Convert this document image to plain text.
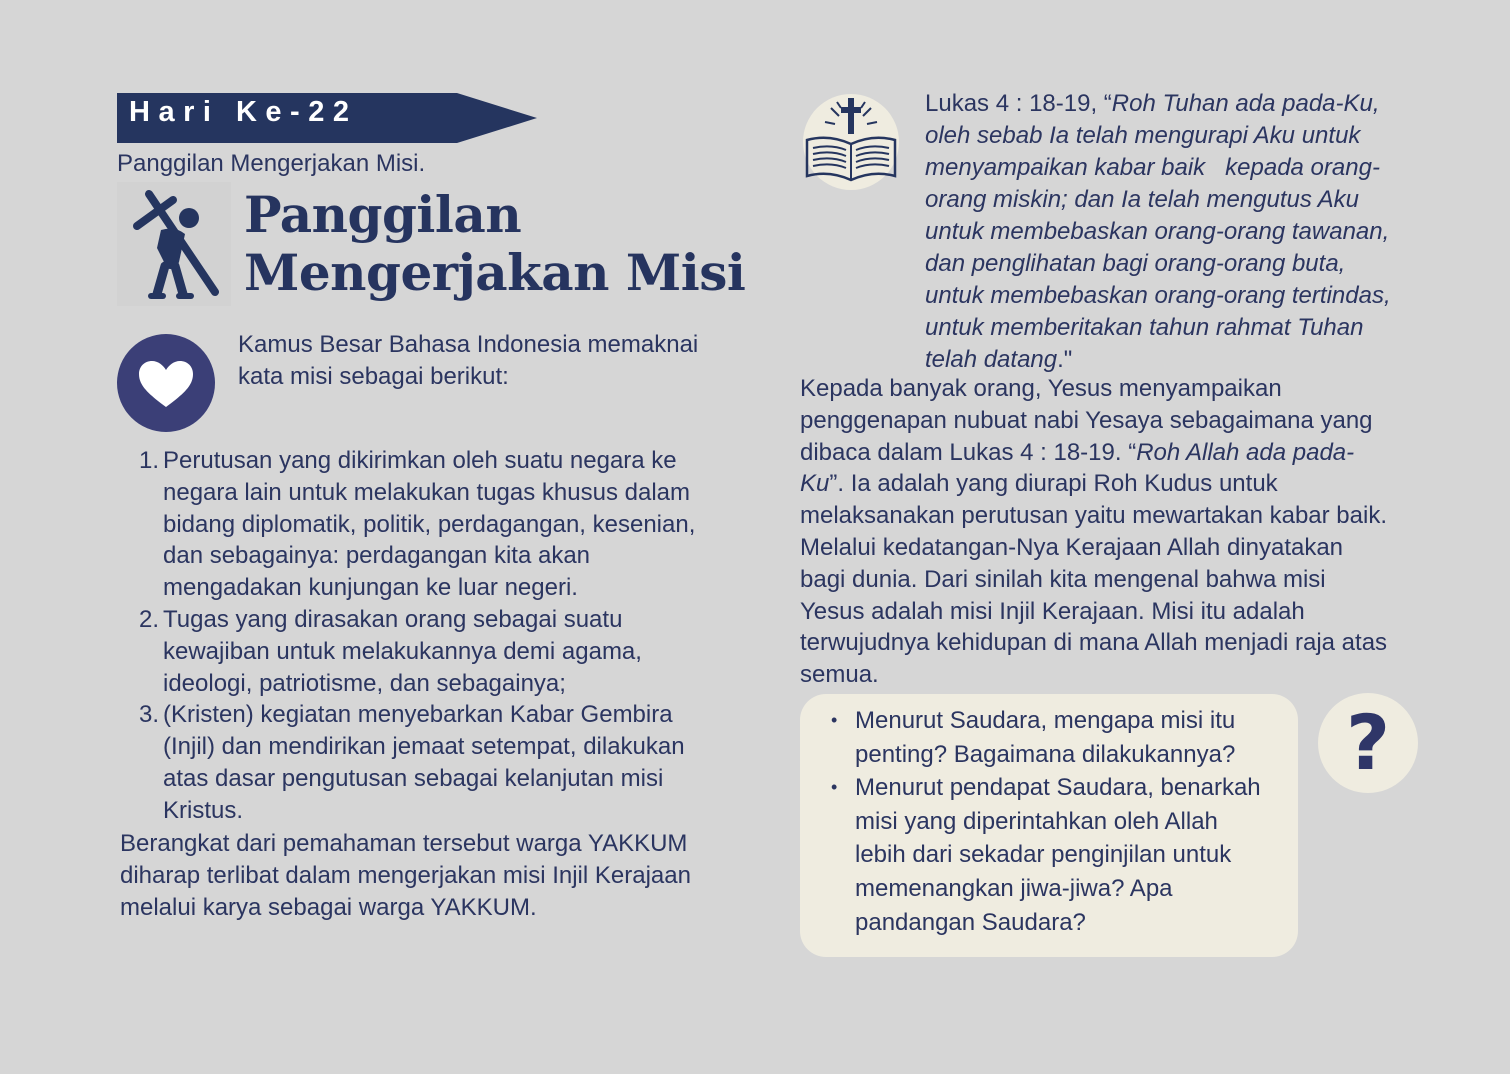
Hari Ke-22
Panggilan Mengerjakan Misi.
Panggilan
Mengerjakan Misi
Kamus Besar Bahasa Indonesia memaknai kata misi sebagai berikut:
1. Perutusan yang dikirimkan oleh suatu negara ke
negara lain untuk melakukan tugas khusus dalam
bidang diplomatik, politik, perdagangan, kesenian,
dan sebagainya: perdagangan kita akan
mengadakan kunjungan ke luar negeri.
2. Tugas yang dirasakan orang sebagai suatu
kewajiban untuk melakukannya demi agama,
ideologi, patriotisme, dan sebagainya;
3. (Kristen) kegiatan menyebarkan Kabar Gembira
(Injil) dan mendirikan jemaat setempat, dilakukan
atas dasar pengutusan sebagai kelanjutan misi
Kristus.
Berangkat dari pemahaman tersebut warga YAKKUM
diharap terlibat dalam mengerjakan misi Injil Kerajaan
melalui karya sebagai warga YAKKUM.
Lukas 4 : 18-19, “Roh Tuhan ada pada-Ku,
oleh sebab Ia telah mengurapi Aku untuk
menyampaikan kabar baik   kepada orang-
orang miskin; dan Ia telah mengutus Aku
untuk membebaskan orang-orang tawanan,
dan penglihatan bagi orang-orang buta,
untuk membebaskan orang-orang tertindas,
untuk memberitakan tahun rahmat Tuhan
telah datang."
Kepada banyak orang, Yesus menyampaikan
penggenapan nubuat nabi Yesaya sebagaimana yang
dibaca dalam Lukas 4 : 18-19. “Roh Allah ada pada-
Ku”. Ia adalah yang diurapi Roh Kudus untuk
melaksanakan perutusan yaitu mewartakan kabar baik.
Melalui kedatangan-Nya Kerajaan Allah dinyatakan
bagi dunia. Dari sinilah kita mengenal bahwa misi
Yesus adalah misi Injil Kerajaan. Misi itu adalah
terwujudnya kehidupan di mana Allah menjadi raja atas
semua.
• Menurut Saudara, mengapa misi itu
penting? Bagaimana dilakukannya?
• Menurut pendapat Saudara, benarkah
misi yang diperintahkan oleh Allah
lebih dari sekadar penginjilan untuk
memenangkan jiwa-jiwa? Apa
pandangan Saudara?
?
